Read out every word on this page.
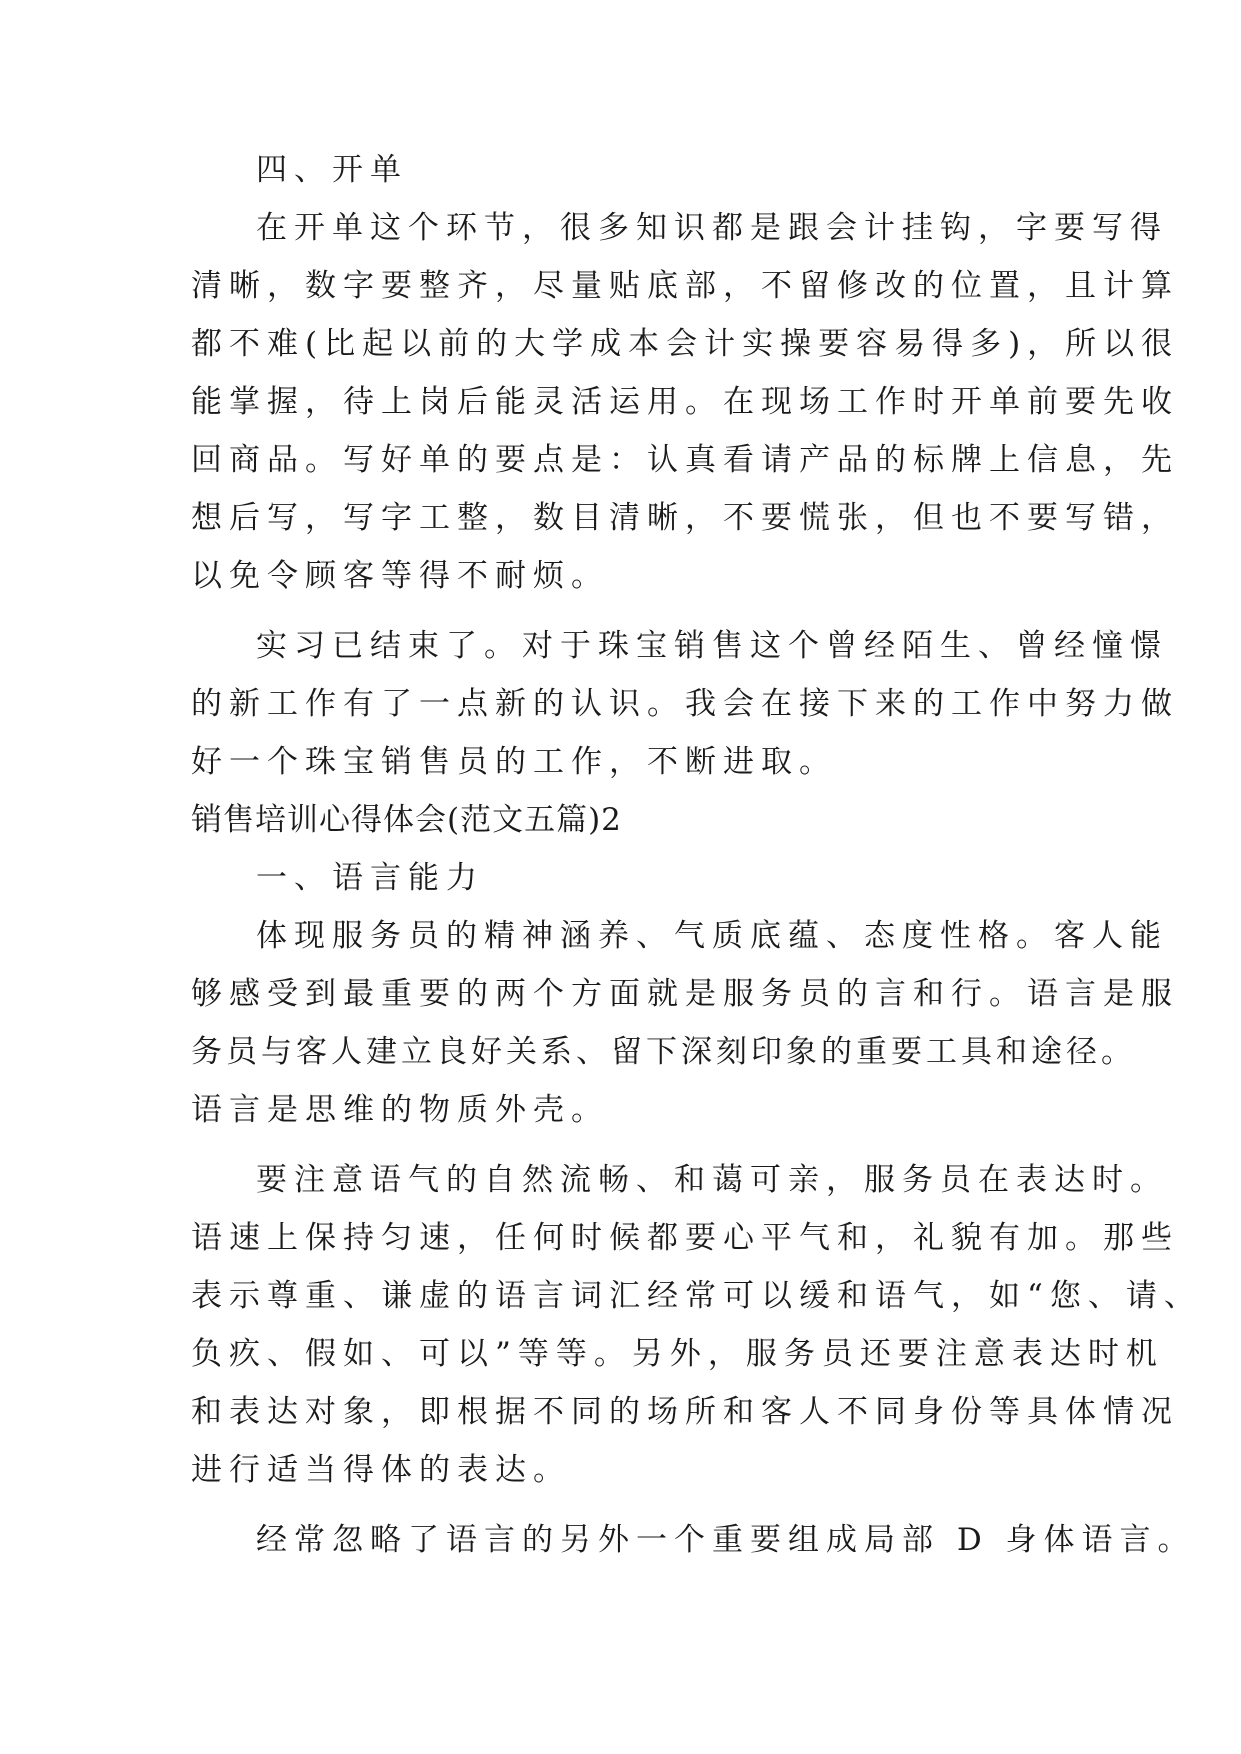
四、开单

在开单这个环节，很多知识都是跟会计挂钩，字要写得

清晰，数字要整齐，尽量贴底部，不留修改的位置，且计算

都不难(比起以前的大学成本会计实操要容易得多)，所以很

能掌握，待上岗后能灵活运用。在现场工作时开单前要先收

回商品。写好单的要点是：认真看请产品的标牌上信息，先

想后写，写字工整，数目清晰，不要慌张，但也不要写错，

以免令顾客等得不耐烦。

实习已结束了。对于珠宝销售这个曾经陌生、曾经憧憬

的新工作有了一点新的认识。我会在接下来的工作中努力做

好一个珠宝销售员的工作，不断进取。

销售培训心得体会(范文五篇)2

一、语言能力

体现服务员的精神涵养、气质底蕴、态度性格。客人能

够感受到最重要的两个方面就是服务员的言和行。语言是服

务员与客人建立良好关系、留下深刻印象的重要工具和途径。

语言是思维的物质外壳。

要注意语气的自然流畅、和蔼可亲，服务员在表达时。

语速上保持匀速，任何时候都要心平气和，礼貌有加。那些

表示尊重、谦虚的语言词汇经常可以缓和语气，如“您、请、

负疚、假如、可以”等等。另外，服务员还要注意表达时机

和表达对象，即根据不同的场所和客人不同身份等具体情况

进行适当得体的表达。

经常忽略了语言的另外一个重要组成局部 D 身体语言。
